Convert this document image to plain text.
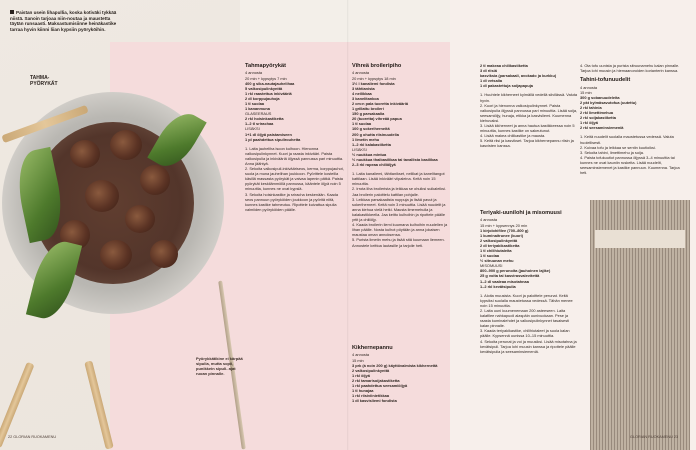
Paistan usein lihapullia, koska kotiväki tykkää niistä. Sanoin tarjoaa niin-noutaa ja maustetta täytän runsaasti. Maksastumisiinne heinäkastike tarraa hyvin kiinni liian kypsiin pyöryköihin.
TAHMA-PYÖRYKÄT
Pyörykkätikine ei kärpää sipulia, mutta sopii, punikkein sipuli- ajat ruoan pinnalle.
Tahmapyörykät

4 annosta

20 min + kypsytys 7 min

400 g sika-nautajauhelihaa

5 valkosipulinkynttä

1 rkl raastettua inkivääriä

2 dl korppujauhoja

1 tl suolaa

1 kananmuna

GLASEERAUS

2 rkl hoisinkastiketta

1–2 tl srirachaa

LISÄKSI

1+1 dl öljyä paistamiseen

1 pl paahdettua sipulirouhetta

1. Laita jauheliha isoon kulhoon. Hienonna valkosipulinkynnet. Kuori ja raasta inkivääri. Paista valkosipulia ja inkivääriä öljyssä pannussa pari minuuttia. Anna jäähtyä.

2. Sekoita valkosipuli-inkivääriseos, kerma, korppujauhot, suola ja muna jauhelihan joukkoon. Pyörittele kosteilla käsillä massasta pyörykät ja vaivaa lapenin pätkä. Paista pyörykät keskilämmöllä pannussa, kääntele öljyä noin 5 minuuttia, kunnes ne ovat kypsiä.

3. Sekoita hoisinkastike ja sriracha keskenään. Kaada seos pannuun pyöryköiden joukkoon ja pyöritä niitä, kunnes kastike tahmeutuu. Ripottele kuivattua sipulia valmiiden pyöryköiden päälle.

Vihreä broileripiho

4 annosta

20 min + kypsytys 18 min

1½ l kanaliemi fondista

3 tähtianista

4 neilikkaa

3 kanelitankoa

2 cm:n pala tuoretta inkivääriä

1 grillattu broileri

150 g parsakaalia

20 (tuoretta) vihreää papua

1 tl suolaa

100 g sokeriherneitä

200 g ohutta riisinuudelia

1 limetin mehu

1–2 rkl kalakastiketta

LISÄKSI

½ nuukkua mintua

½ nuukkua thaibasilikaa tai tavallista basilikaa

2–3 rkl rapeaa chiliöljyä

1. Laita kanaliemi, tähtianikset, neilikat ja kanelitangot kattilaan. Lisää inkivääri viipaleina. Keitä noin 15 minuuttia.

2. Irrota liha broilerista ja leikkaa se ohuiksi suikaleiksi. Jaa broilerin paloittelu kattilan pohjalle.

3. Leikkaa parsakaalista nuppuja ja lisää pavut ja sokeriherneet. Keitä noin 3 minuuttia. Lisää nuudelit ja anna kiehua vielä hetki. Mausta limemehulla ja kalakastikkeella. Jaa keitto kulhoihin ja ripottele päälle yrtit ja chiliöljy.

4. Kaada broilerin liemi kuumana kulhoihin nuudelien ja lihan päälle. Nosta kulhot pöytään ja anna jokaisen maustaa oman annoksensa.

5. Purista limetin mehu ja lisää sitä kuumaan liemeen. Annostele keittoa lautasille ja tarjoile heti.

Kikhernepannu

4 annosta

15 min

3 prk (á noin 200 g) käyttövalmista kikhernettä

2 valkosipulinkynttä

1 rkl öljyä

2 rkl tamarisoijakastiketta

1 rkl paahdettua seesamiöljyä

1 tl hunajaa

1 rkl riisiviinietikkaa

1 dl kasvisliemi fondista

2 tl makeaa chilikastiketta

3 dl riisiä

kasviksia (parsakaali, avokado ja kurkku)

1 dl vetsalia

1 dl pakastettuja soijapapuja

1. Huuhtele kikherneet kylmällä vedellä siivilässä. Valuta hyvin.

2. Kuori ja hienonna valkosipulinkynnet. Paista valkosipulia öljyssä pannussa pari minuuttia. Lisää soija, seesamiöljy, hunaja, etikka ja kasvisliemi. Kuumenna kiehuvaksi.

3. Lisää kikherneet ja anna hautua kastikkeessa noin 5 minuuttia, kunnes kastike on sakeutunut.

4. Lisää makea chilikastike ja mausta.

5. Keitä riisi ja kasvikset. Tarjoa kikhernepannu riisin ja kasvisten kanssa.

Teriyaki-uunilohi ja misomuusi

4 annosta

15 min + kypsennys 20 min

1 kirjolohifilee (700–800 g)

1 kuminaitrunee (kuori)

2 valkosipulinkynttä

2 dl teriyakikastiketta

1 tl chilihiutaleita

1 tl suolaa

½ sitruunan mehu

MISOMUUSI

800–900 g perunoita (jauhoinen lajike)

25 g voita tai kasvirasvalevitettä

1–2 dl vaaleaa misotahnaa

1–2 rkl kevätsipulia

1. Aloita muusista. Kuori ja paloittele perunat. Keitä kypsiksi suolalla maustetussa vedessä. Tähän menee noin 15 minuuttia.

2. Laita uuni kuumenemaan 200 asteeseen. Laita kalafilee nahkapuoli alaspäin uunivuokaan. Pese ja raasta kuminalehdet ja valkosipulinkynnet tasaisesti kalan pinnalle.

3. Kaada teriyakikastike, chilihiutaleet ja suola kalan päälle. Kypsennä uunissa 10–15 minuuttia.

4. Sekoita perunat ja voi ja muusiksi. Lisää misotahna ja kevätsipuli. Tarjoa lohi muusin kanssa ja ripottele päälle kevätsipulia ja seesaminsiemeniä.

4. Ota tofu uunista ja purista sitruunamehu kalan pinnalle. Tarjoa lohi muusin ja hiemaanoroiden korianterin kanssa.

Tahini-tofunuudelit

4 annosta

15 min

300 g sobanuudeleita

2 pkt kylmäsavutofua (uutettu)

2 rkl tahinia

2 rkl limettimehua

2 rkl soijakastiketta

1 rkl öljyä

2 rkl seesaminsiemeniä

1. Keitä nuudelit suolalla maustetussa vedessä. Valuta huolellisesti.

2. Kuivaa tofu ja leikkaa se sentin kuutioiksi.

3. Sekoita tahini, limettimehu ja soija.

4. Paista tofukuutiot pannussa öljyssä 3–4 minuuttia tai kunnes ne ovat kauniin ruskeita. Lisää nuudelit, seesaminsiemenet ja kastike pannuun. Kuumenna. Tarjoa heti.

22 GLORIAN RUOKAMENU	GLORIAN RUOKAMENU 23
